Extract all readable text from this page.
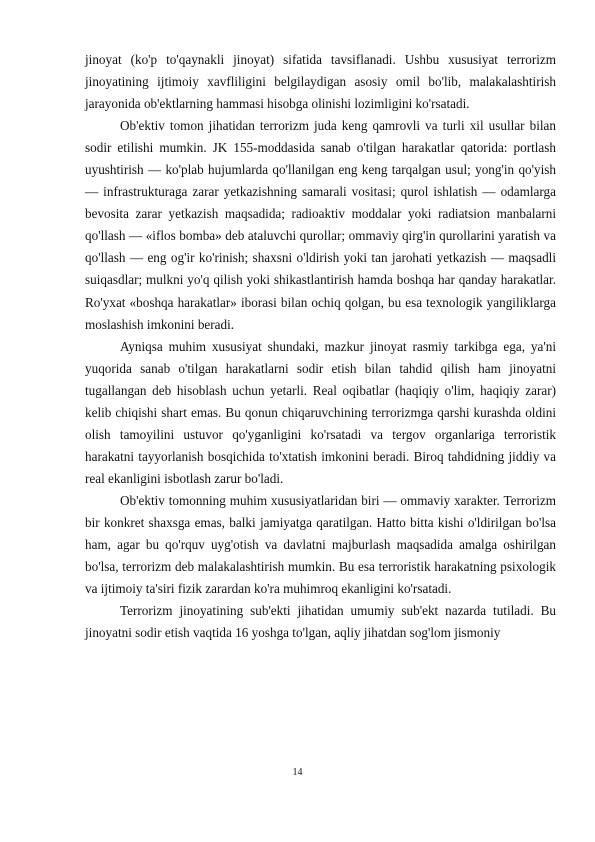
jinoyat (ko'p to'qaynakli jinoyat) sifatida tavsiflanadi. Ushbu xususiyat terrorizm jinoyatining ijtimoiy xavfliligini belgilaydigan asosiy omil bo'lib, malakalashtirish jarayonida ob'ektlarning hammasi hisobga olinishi lozimligini ko'rsatadi.

Ob'ektiv tomon jihatidan terrorizm juda keng qamrovli va turli xil usullar bilan sodir etilishi mumkin. JK 155-moddasida sanab o'tilgan harakatlar qatorida: portlash uyushtirish — ko'plab hujumlarda qo'llanilgan eng keng tarqalgan usul; yong'in qo'yish — infrastrukturaga zarar yetkazishning samarali vositasi; qurol ishlatish — odamlarga bevosita zarar yetkazish maqsadida; radioaktiv moddalar yoki radiatsion manbalarni qo'llash — «iflos bomba» deb ataluvchi qurollar; ommaviy qirg'in qurollarini yaratish va qo'llash — eng og'ir ko'rinish; shaxsni o'ldirish yoki tan jarohati yetkazish — maqsadli suiqasdlar; mulkni yo'q qilish yoki shikastlantirish hamda boshqa har qanday harakatlar. Ro'yxat «boshqa harakatlar» iborasi bilan ochiq qolgan, bu esa texnologik yangiliklarga moslashish imkonini beradi.

Ayniqsa muhim xususiyat shundaki, mazkur jinoyat rasmiy tarkibga ega, ya'ni yuqorida sanab o'tilgan harakatlarni sodir etish bilan tahdid qilish ham jinoyatni tugallangan deb hisoblash uchun yetarli. Real oqibatlar (haqiqiy o'lim, haqiqiy zarar) kelib chiqishi shart emas. Bu qonun chiqaruvchining terrorizmga qarshi kurashda oldini olish tamoyilini ustuvor qo'yganligini ko'rsatadi va tergov organlariga terroristik harakatni tayyorlanish bosqichida to'xtatish imkonini beradi. Biroq tahdidning jiddiy va real ekanligini isbotlash zarur bo'ladi.

Ob'ektiv tomonning muhim xususiyatlaridan biri — ommaviy xarakter. Terrorizm bir konkret shaxsga emas, balki jamiyatga qaratilgan. Hatto bitta kishi o'ldirilgan bo'lsa ham, agar bu qo'rquv uyg'otish va davlatni majburlash maqsadida amalga oshirilgan bo'lsa, terrorizm deb malakalashtirish mumkin. Bu esa terroristik harakatning psixologik va ijtimoiy ta'siri fizik zarardan ko'ra muhimroq ekanligini ko'rsatadi.

Terrorizm jinoyatining sub'ekti jihatidan umumiy sub'ekt nazarda tutiladi. Bu jinoyatni sodir etish vaqtida 16 yoshga to'lgan, aqliy jihatdan sog'lom jismoniy

14
